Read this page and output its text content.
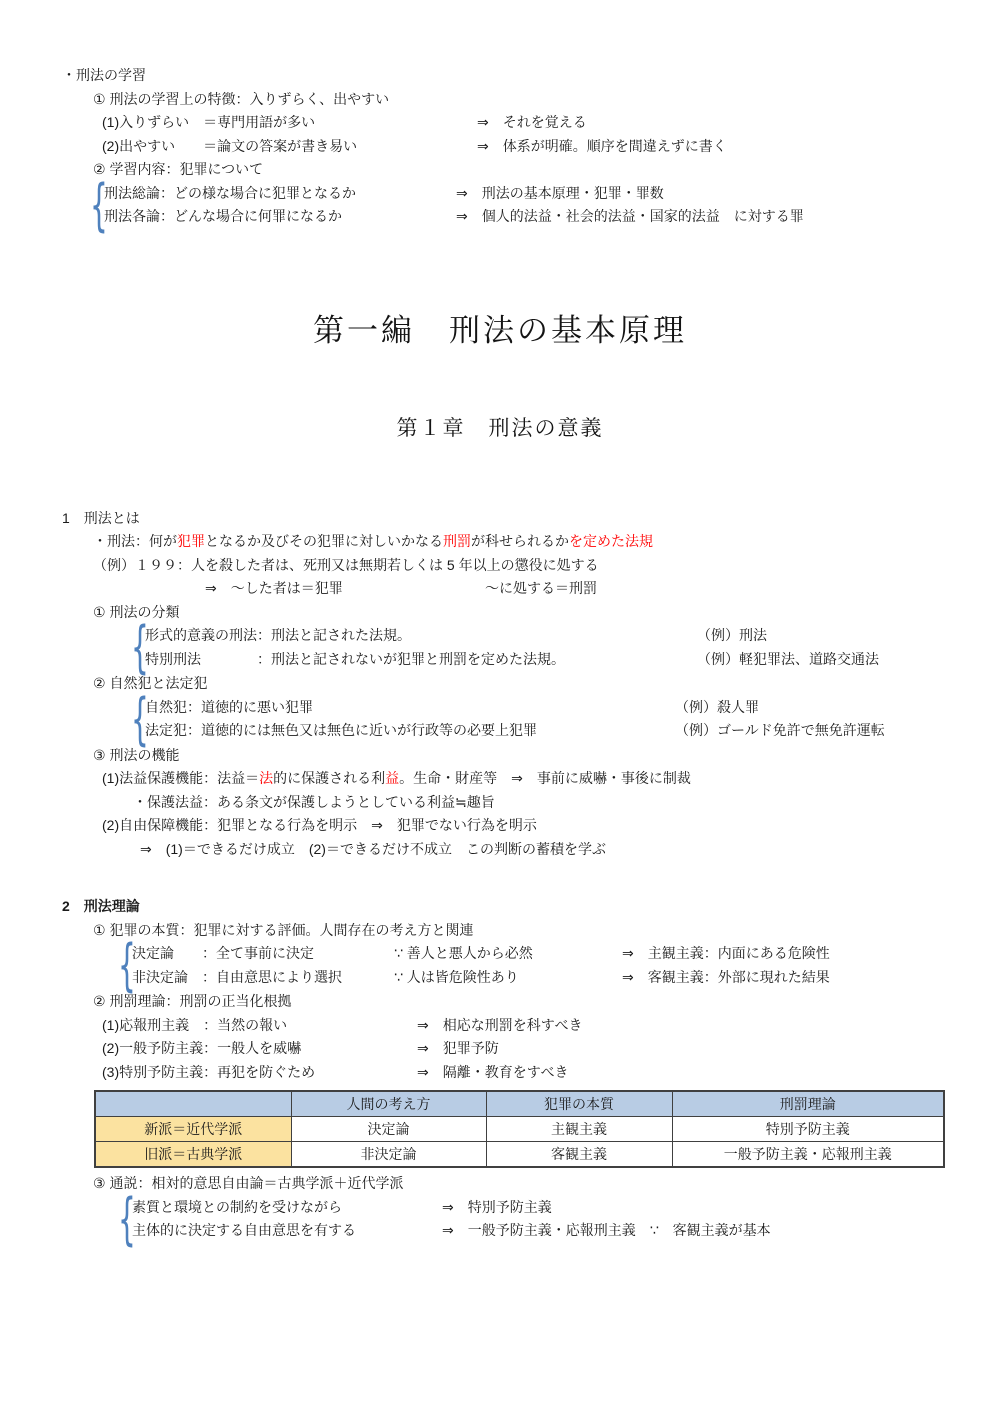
・刑法の学習
① 刑法の学習上の特徴：入りずらく、出やすい
(1)入りずらい　＝専門用語が多い	⇒　それを覚える
(2)出やすい　　＝論文の答案が書き易い	⇒　体系が明確。順序を間違えずに書く
② 学習内容：犯罪について
{
刑法総論：どの様な場合に犯罪となるか	⇒　刑法の基本原理・犯罪・罪数
刑法各論：どんな場合に何罪になるか	⇒　個人的法益・社会的法益・国家的法益　に対する罪
第一編　刑法の基本原理
第１章　刑法の意義
1　刑法とは
・刑法：何が犯罪となるか及びその犯罪に対しいかなる刑罰が科せられるかを定めた法規
（例）１９９：人を殺した者は、死刑又は無期若しくは 5 年以上の懲役に処する
⇒　～した者は＝犯罪	～に処する＝刑罰
① 刑法の分類
{
形式的意義の刑法：刑法と記された法規。	（例）刑法
特別刑法　　　　：刑法と記されないが犯罪と刑罰を定めた法規。	（例）軽犯罪法、道路交通法
② 自然犯と法定犯
{
自然犯：道徳的に悪い犯罪	（例）殺人罪
法定犯：道徳的には無色又は無色に近いが行政等の必要上犯罪	（例）ゴールド免許で無免許運転
③ 刑法の機能
(1)法益保護機能：法益＝法的に保護される利益。生命・財産等　⇒　事前に威嚇・事後に制裁
・保護法益：ある条文が保護しようとしている利益≒趣旨
(2)自由保障機能：犯罪となる行為を明示　⇒　犯罪でない行為を明示
⇒　(1)＝できるだけ成立　(2)＝できるだけ不成立　この判断の蓄積を学ぶ
2　刑法理論
① 犯罪の本質：犯罪に対する評価。人間存在の考え方と関連
{
決定論　　：全て事前に決定	∵ 善人と悪人から必然	⇒　主観主義：内面にある危険性
非決定論　：自由意思により選択	∵ 人は皆危険性あり	⇒　客観主義：外部に現れた結果
② 刑罰理論：刑罰の正当化根拠
(1)応報刑主義　：当然の報い	⇒　相応な刑罰を科すべき
(2)一般予防主義：一般人を威嚇	⇒　犯罪予防
(3)特別予防主義：再犯を防ぐため	⇒　隔離・教育をすべき
	人間の考え方	犯罪の本質	刑罰理論
新派＝近代学派	決定論	主観主義	特別予防主義
旧派＝古典学派	非決定論	客観主義	一般予防主義・応報刑主義
③ 通説：相対的意思自由論＝古典学派＋近代学派
{
素質と環境との制約を受けながら	⇒　特別予防主義
主体的に決定する自由意思を有する	⇒　一般予防主義・応報刑主義　∵　客観主義が基本
